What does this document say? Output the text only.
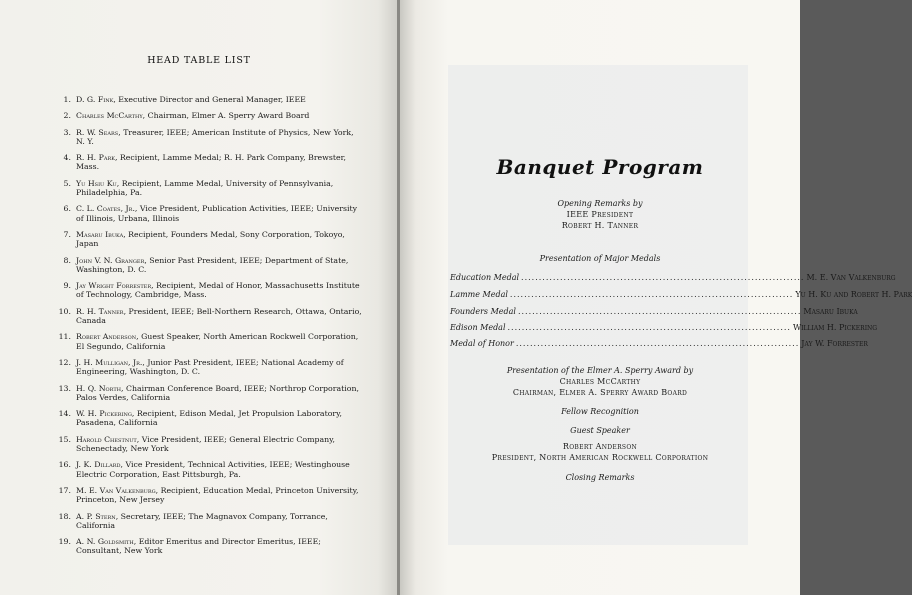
HEAD TABLE LIST
1. D. G. Fink, Executive Director and General Manager, IEEE
2. Charles McCarthy, Chairman, Elmer A. Sperry Award Board
3. R. W. Sears, Treasurer, IEEE; American Institute of Physics, New York, N. Y.
4. R. H. Park, Recipient, Lamme Medal; R. H. Park Company, Brewster, Mass.
5. Yu Hsiu Ku, Recipient, Lamme Medal, University of Pennsylvania, Philadelphia, Pa.
6. C. L. Coates, Jr., Vice President, Publication Activities, IEEE; University of Illinois, Urbana, Illinois
7. Masaru Ibuka, Recipient, Founders Medal, Sony Corporation, Tokoyo, Japan
8. John V. N. Granger, Senior Past President, IEEE; Department of State, Washington, D. C.
9. Jay Wright Forrester, Recipient, Medal of Honor, Massachusetts Institute of Technology, Cambridge, Mass.
10. R. H. Tanner, President, IEEE; Bell-Northern Research, Ottawa, Ontario, Canada
11. Robert Anderson, Guest Speaker, North American Rockwell Corporation, El Segundo, California
12. J. H. Mulligan, Jr., Junior Past President, IEEE; National Academy of Engineering, Washington, D. C.
13. H. Q. North, Chairman Conference Board, IEEE; Northrop Corporation, Palos Verdes, California
14. W. H. Pickering, Recipient, Edison Medal, Jet Propulsion Laboratory, Pasadena, California
15. Harold Chestnut, Vice President, IEEE; General Electric Company, Schenectady, New York
16. J. K. Dillard, Vice President, Technical Activities, IEEE; Westinghouse Electric Corporation, East Pittsburgh, Pa.
17. M. E. Van Valkenburg, Recipient, Education Medal, Princeton University, Princeton, New Jersey
18. A. P. Stern, Secretary, IEEE; The Magnavox Company, Torrance, California
19. A. N. Goldsmith, Editor Emeritus and Director Emeritus, IEEE; Consultant, New York
Banquet Program
Opening Remarks by
IEEE President
Robert H. Tanner
Presentation of Major Medals
Education Medal ................................................................................ M. E. Van Valkenburg
Lamme Medal ................................................................................ Yu H. Ku and Robert H. Park
Founders Medal ................................................................................ Masaru Ibuka
Edison Medal ................................................................................ William H. Pickering
Medal of Honor ................................................................................ Jay W. Forrester
Presentation of the Elmer A. Sperry Award by
Charles McCarthy
Chairman, Elmer A. Sperry Award Board
Fellow Recognition
Guest Speaker
Robert Anderson
President, North American Rockwell Corporation
Closing Remarks
